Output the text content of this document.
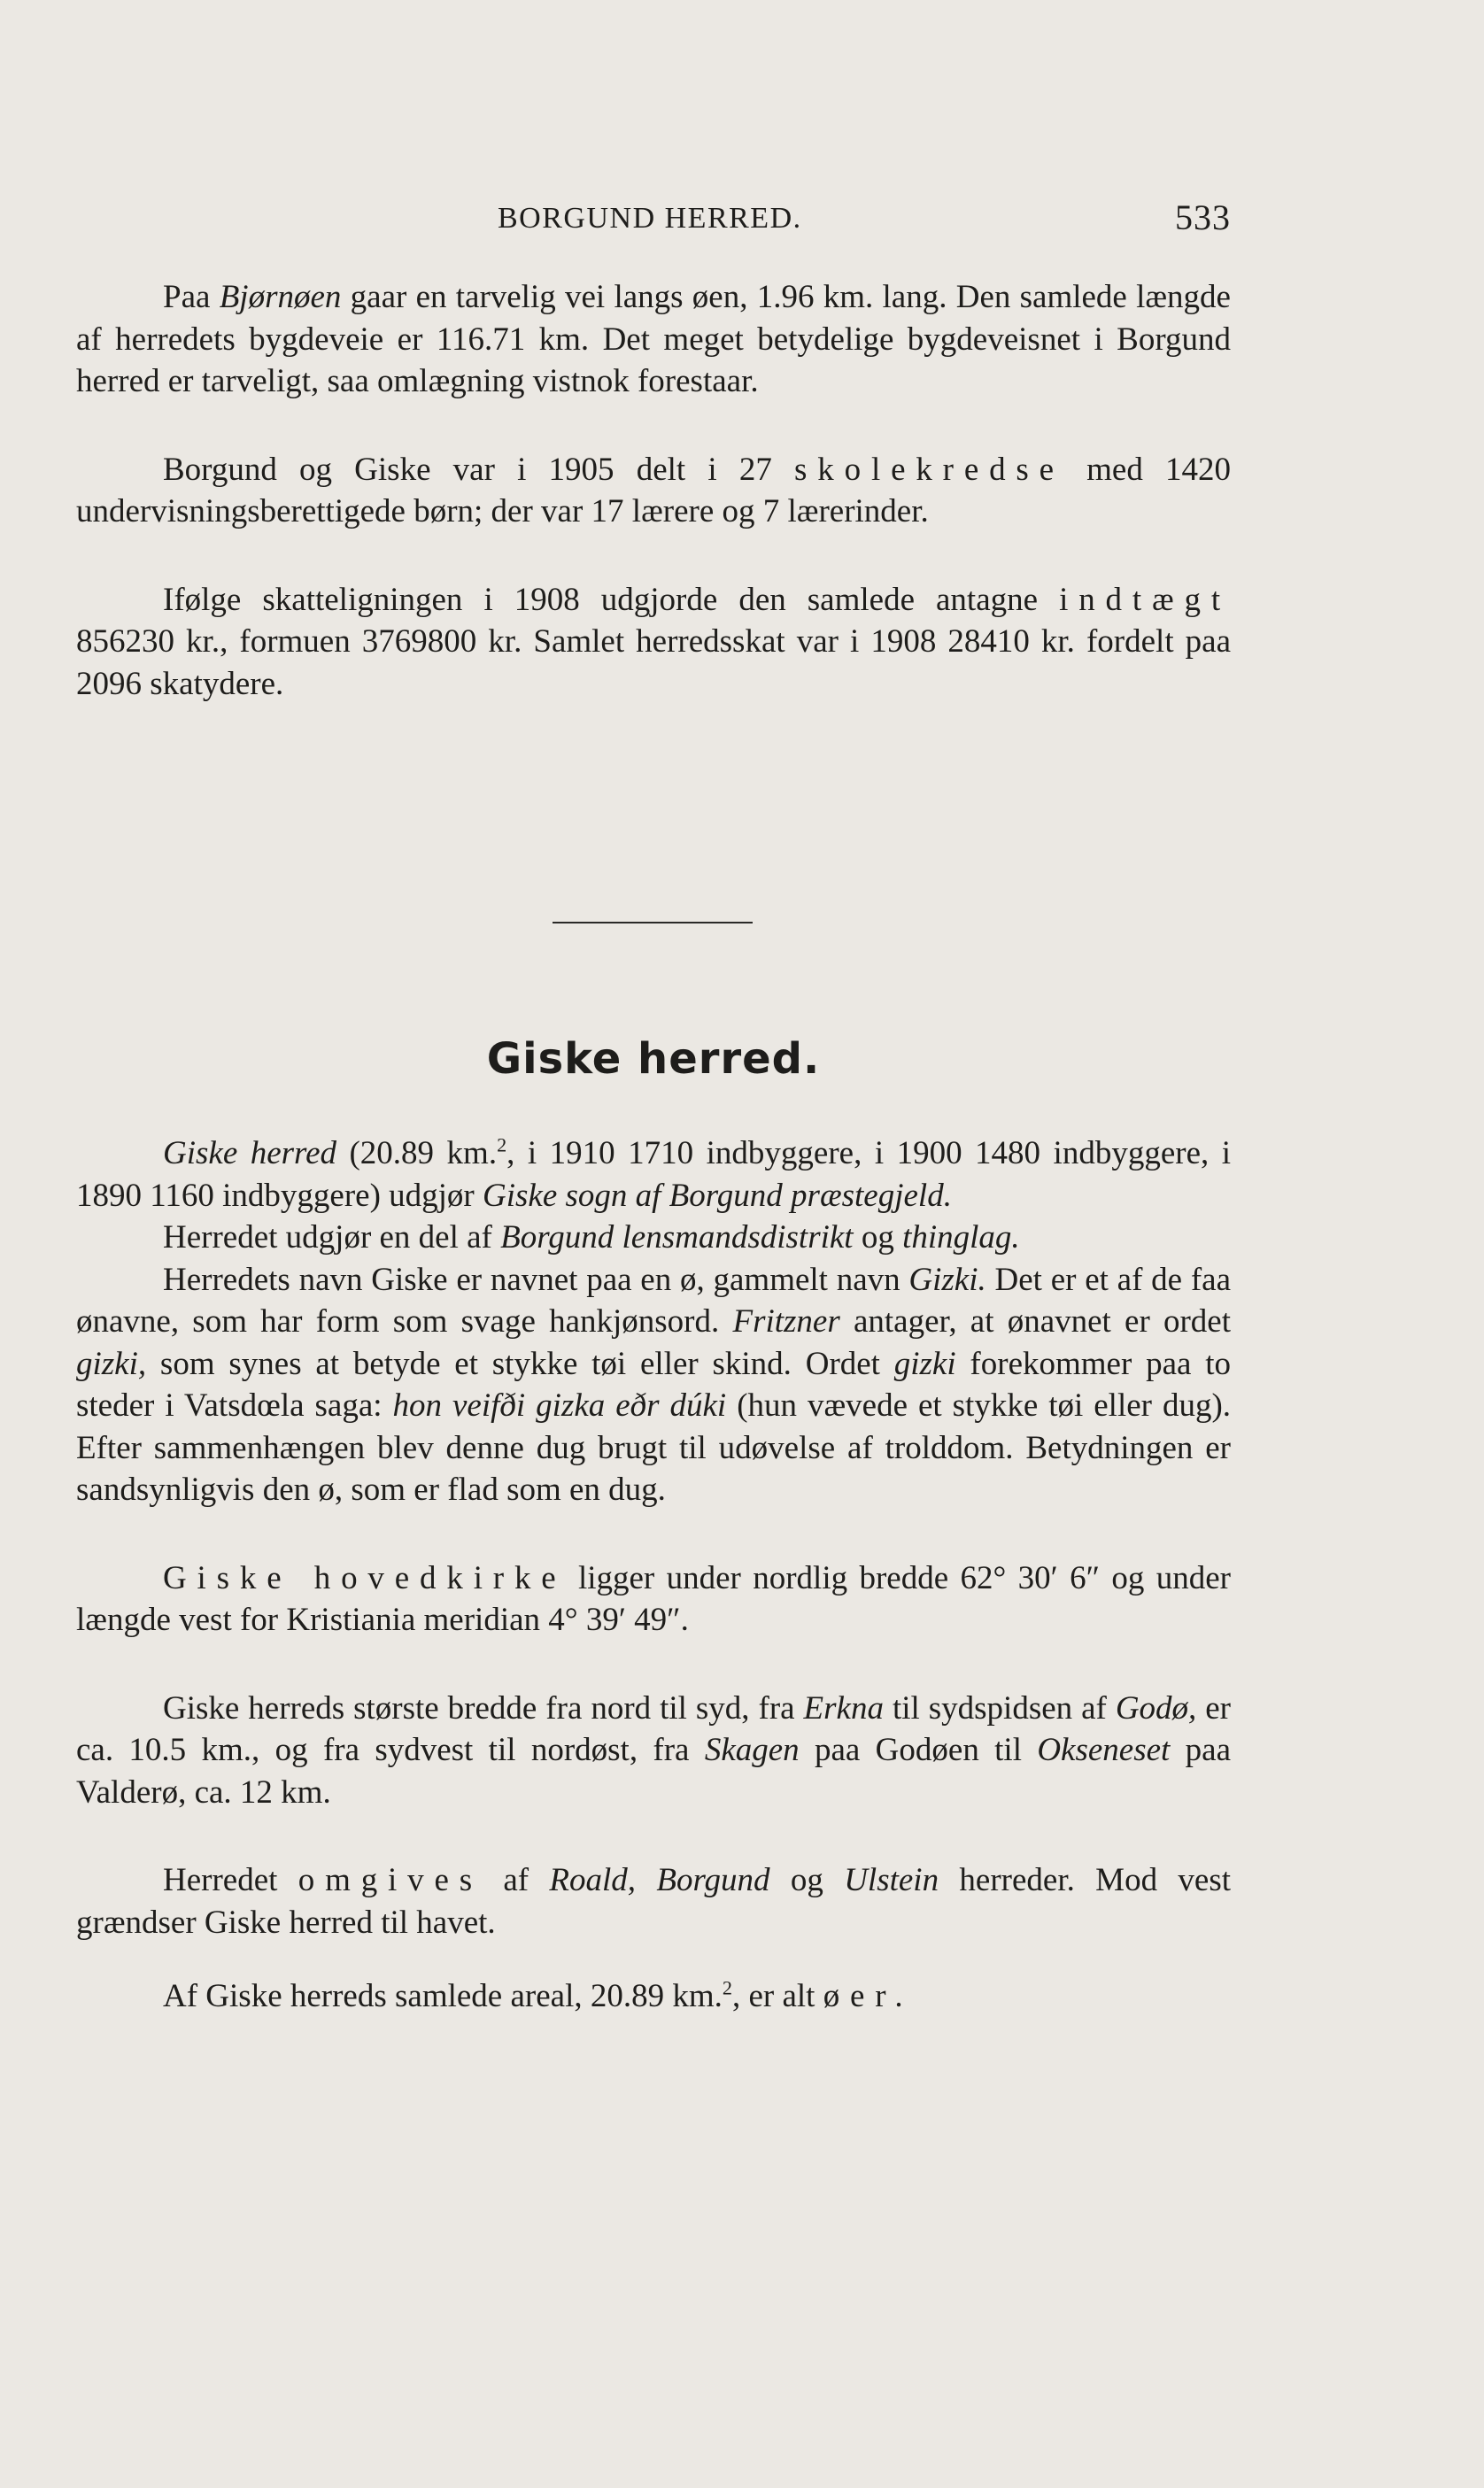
BORGUND HERRED.	533

Paa Bjørnøen gaar en tarvelig vei langs øen, 1.96 km. lang. Den samlede længde af herredets bygdeveie er 116.71 km. Det meget betydelige bygdeveisnet i Borgund herred er tarveligt, saa omlægning vistnok forestaar.

Borgund og Giske var i 1905 delt i 27 skolekredse med 1420 undervisningsberettigede børn; der var 17 lærere og 7 lærerinder.

Ifølge skatteligningen i 1908 udgjorde den samlede antagne indtægt 856230 kr., formuen 3769800 kr. Samlet herredsskat var i 1908 28410 kr. fordelt paa 2096 skatydere.

Giske herred.

Giske herred (20.89 km.$^2$, i 1910 1710 indbyggere, i 1900 1480 indbyggere, i 1890 1160 indbyggere) udgjør Giske sogn af Borgund præstegjeld.

Herredet udgjør en del af Borgund lensmandsdistrikt og thinglag.

Herredets navn Giske er navnet paa en ø, gammelt navn Gizki. Det er et af de faa ønavne, som har form som svage hankjønsord. Fritzner antager, at ønavnet er ordet gizki, som synes at betyde et stykke tøi eller skind. Ordet gizki forekommer paa to steder i Vatsdœla saga: hon veifði gizka eðr dúki (hun vævede et stykke tøi eller dug). Efter sammenhængen blev denne dug brugt til udøvelse af trolddom. Betydningen er sandsynligvis den ø, som er flad som en dug.

Giske hovedkirke ligger under nordlig bredde 62° 30′ 6″ og under længde vest for Kristiania meridian 4° 39′ 49″.

Giske herreds største bredde fra nord til syd, fra Erkna til sydspidsen af Godø, er ca. 10.5 km., og fra sydvest til nordøst, fra Skagen paa Godøen til Okseneset paa Valderø, ca. 12 km.

Herredet omgives af Roald, Borgund og Ulstein herreder. Mod vest grændser Giske herred til havet.

Af Giske herreds samlede areal, 20.89 km.$^2$, er alt øer.
